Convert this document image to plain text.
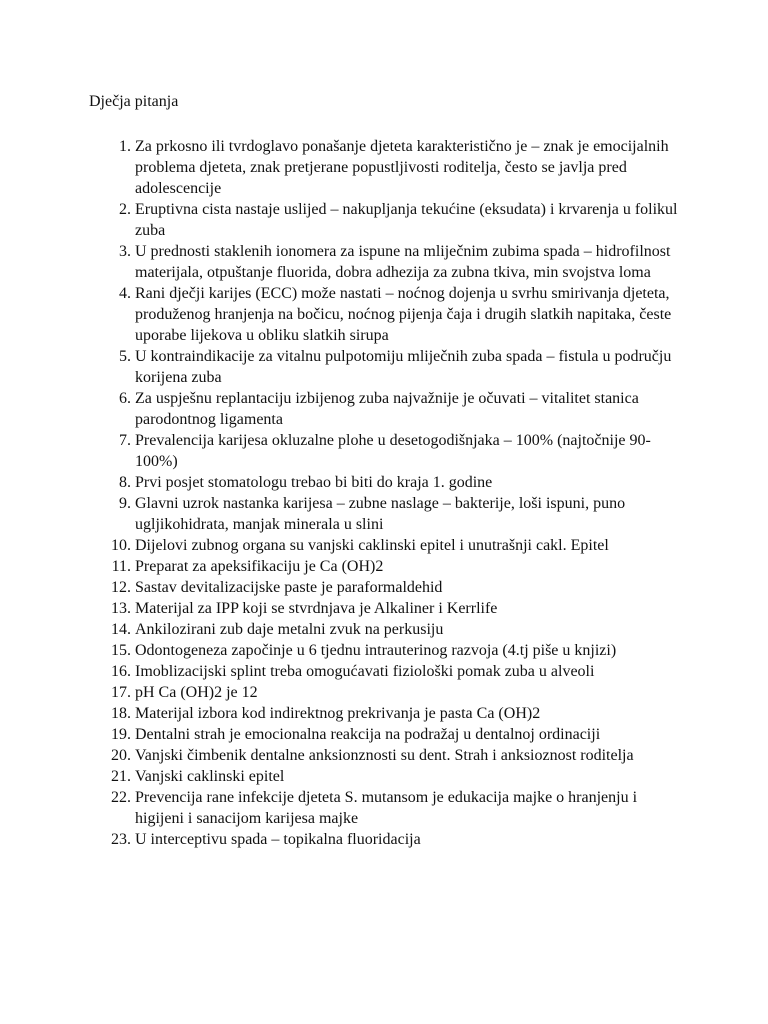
Dječja pitanja
1. Za prkosno ili tvrdoglavo ponašanje djeteta karakteristično je – znak je emocijalnih problema djeteta, znak pretjerane popustljivosti roditelja, često se javlja pred adolescencije
2. Eruptivna cista nastaje uslijed – nakupljanja tekućine (eksudata) i krvarenja u folikul zuba
3. U prednosti staklenih ionomera za ispune na mliječnim zubima spada – hidrofilnost materijala, otpuštanje fluorida, dobra adhezija za zubna tkiva, min svojstva loma
4. Rani dječji karijes (ECC) može nastati – noćnog dojenja u svrhu smirivanja djeteta, produženog hranjenja na bočicu, noćnog pijenja čaja i drugih slatkih napitaka, česte uporabe lijekova u obliku slatkih sirupa
5. U kontraindikacije za vitalnu pulpotomiju mliječnih zuba spada – fistula u području korijena zuba
6. Za uspješnu replantaciju izbijenog zuba najvažnije je očuvati – vitalitet stanica parodontnog ligamenta
7. Prevalencija karijesa okluzalne plohe u desetogodišnjaka – 100% (najtočnije 90-100%)
8. Prvi posjet stomatologu trebao bi biti do kraja 1. godine
9. Glavni uzrok nastanka karijesa – zubne naslage – bakterije, loši ispuni, puno ugljikohidrata, manjak minerala u slini
10. Dijelovi zubnog organa su vanjski caklinski epitel i unutrašnji cakl. Epitel
11. Preparat za apeksifikaciju je Ca (OH)2
12. Sastav devitalizacijske paste je paraformaldehid
13. Materijal za IPP koji se stvrdnjava je Alkaliner i Kerrlife
14. Ankilozirani zub daje metalni zvuk na perkusiju
15. Odontogeneza započinje u 6 tjednu intrauterinog razvoja (4.tj piše u knjizi)
16. Imoblizacijski splint treba omogućavati fiziološki pomak zuba u alveoli
17. pH Ca (OH)2 je 12
18. Materijal izbora kod indirektnog prekrivanja je pasta Ca (OH)2
19. Dentalni strah je emocionalna reakcija na podražaj u dentalnoj ordinaciji
20. Vanjski čimbenik dentalne anksionznosti su dent. Strah i anksioznost roditelja
21. Vanjski caklinski epitel
22. Prevencija rane infekcije djeteta S. mutansom je edukacija majke o hranjenju i higijeni i sanacijom karijesa majke
23. U interceptivu spada – topikalna fluoridacija
